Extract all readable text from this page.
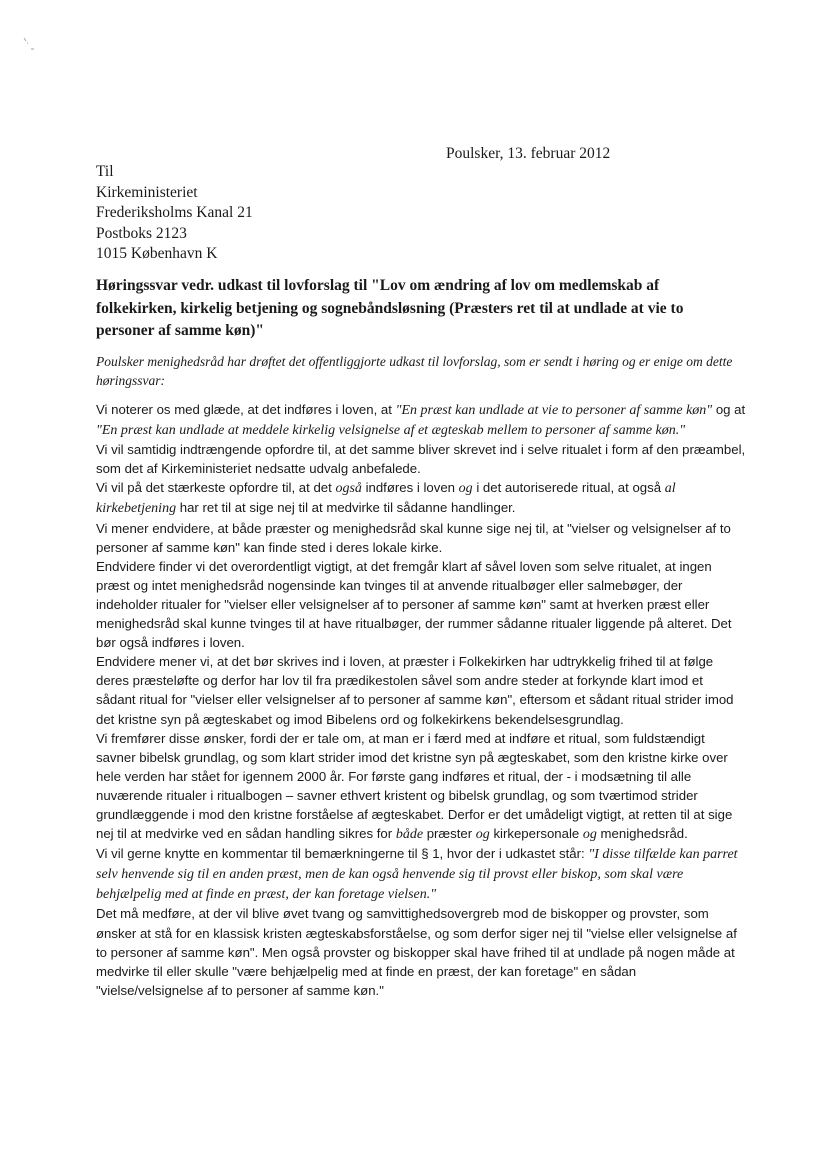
Poulsker, 13. februar 2012
Til
Kirkeministeriet
Frederiksholms Kanal 21
Postboks 2123
1015 København K
Høringssvar vedr. udkast til lovforslag til "Lov om ændring af lov om medlemskab af folkekirken, kirkelig betjening og sognebåndsløsning (Præsters ret til at undlade at vie to personer af samme køn)"

Poulsker menighedsråd har drøftet det offentliggjorte udkast til lovforslag, som er sendt i høring og er enige om dette høringssvar:

Vi noterer os med glæde, at det indføres i loven, at "En præst kan undlade at vie to personer af samme køn" og at "En præst kan undlade at meddele kirkelig velsignelse af et ægteskab mellem to personer af samme køn."

Vi vil samtidig indtrængende opfordre til, at det samme bliver skrevet ind i selve ritualet i form af den præambel, som det af Kirkeministeriet nedsatte udvalg anbefalede.

Vi vil på det stærkeste opfordre til, at det også indføres i loven og i det autoriserede ritual, at også al kirkebetjening har ret til at sige nej til at medvirke til sådanne handlinger.

Vi mener endvidere, at både præster og menighedsråd skal kunne sige nej til, at "vielser og velsignelser af to personer af samme køn" kan finde sted i deres lokale kirke.

Endvidere finder vi det overordentligt vigtigt, at det fremgår klart af såvel loven som selve ritualet, at ingen præst og intet menighedsråd nogensinde kan tvinges til at anvende ritualbøger eller salmebøger, der indeholder ritualer for "vielser eller velsignelser af to personer af samme køn" samt at hverken præst eller menighedsråd skal kunne tvinges til at have ritualbøger, der rummer sådanne ritualer liggende på alteret. Det bør også indføres i loven.

Endvidere mener vi, at det bør skrives ind i loven, at præster i Folkekirken har udtrykkelig frihed til at følge deres præsteløfte og derfor har lov til fra prædikestolen såvel som andre steder at forkynde klart imod et sådant ritual for "vielser eller velsignelser af to personer af samme køn", eftersom et sådant ritual strider imod det kristne syn på ægteskabet og imod Bibelens ord og folkekirkens bekendelsesgrundlag.

Vi fremfører disse ønsker, fordi der er tale om, at man er i færd med at indføre et ritual, som fuldstændigt savner bibelsk grundlag, og som klart strider imod det kristne syn på ægteskabet, som den kristne kirke over hele verden har stået for igennem 2000 år. For første gang indføres et ritual, der - i modsætning til alle nuværende ritualer i ritualbogen – savner ethvert kristent og bibelsk grundlag, og som tværtimod strider grundlæggende i mod den kristne forståelse af ægteskabet. Derfor er det umådeligt vigtigt, at retten til at sige nej til at medvirke ved en sådan handling sikres for både præster og kirkepersonale og menighedsråd.

Vi vil gerne knytte en kommentar til bemærkningerne til § 1, hvor der i udkastet står: "I disse tilfælde kan parret selv henvende sig til en anden præst, men de kan også henvende sig til provst eller biskop, som skal være behjælpelig med at finde en præst, der kan foretage vielsen."

Det må medføre, at der vil blive øvet tvang og samvittighedsovergreb mod de biskopper og provster, som ønsker at stå for en klassisk kristen ægteskabsforståelse, og som derfor siger nej til "vielse eller velsignelse af to personer af samme køn". Men også provster og biskopper skal have frihed til at undlade på nogen måde at medvirke til eller skulle "være behjælpelig med at finde en præst, der kan foretage" en sådan "vielse/velsignelse af to personer af samme køn."
